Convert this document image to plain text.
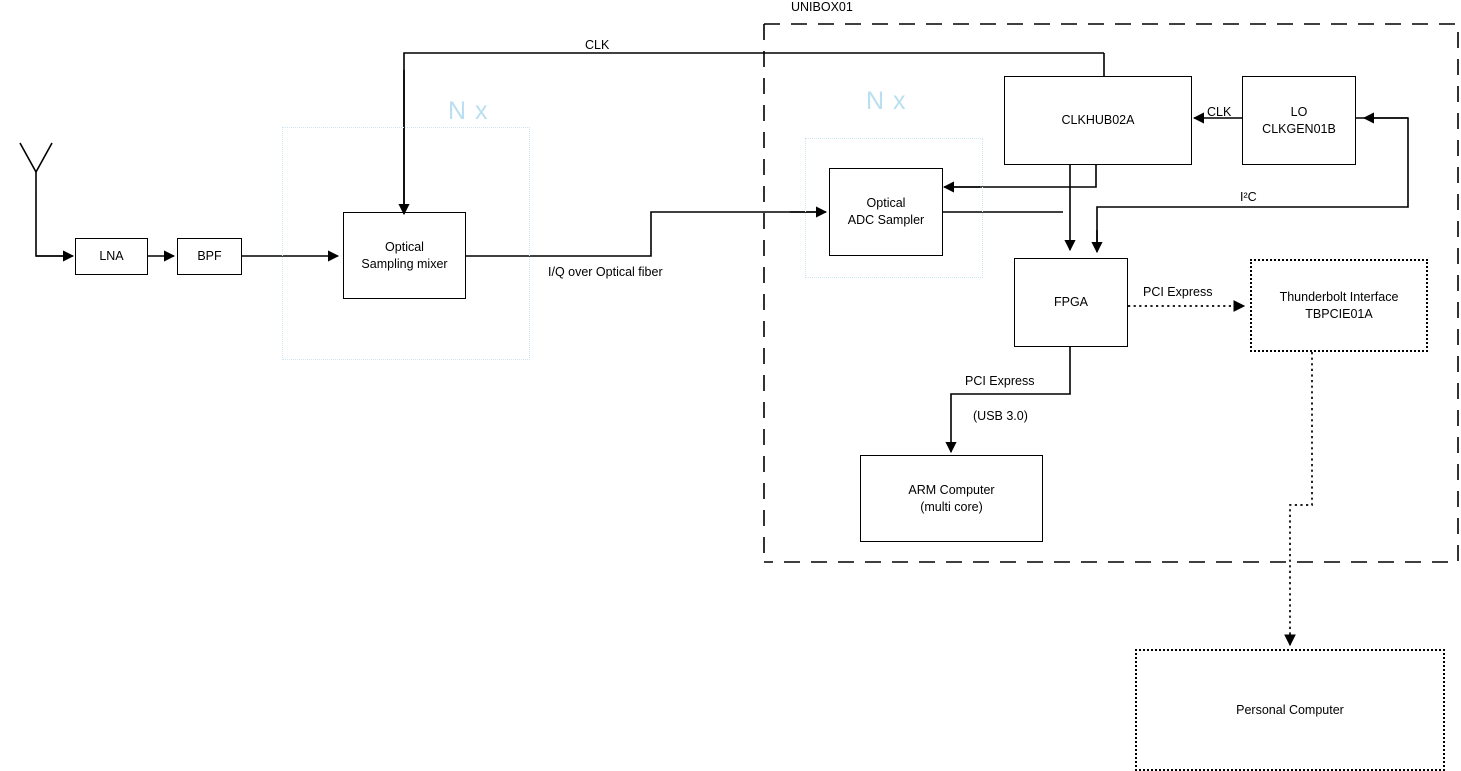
N x	N x
UNIBOX01
LNA	BPF
Optical
Sampling mixer
Optical
ADC Sampler
CLKHUB02A
LO
CLKGEN01B
FPGA	Thunderbolt Interface
TBPCIE01A
ARM Computer
(multi core)
Personal Computer
CLK
CLK
I²C
I/Q over Optical fiber
PCI Express
PCI Express
(USB 3.0)
